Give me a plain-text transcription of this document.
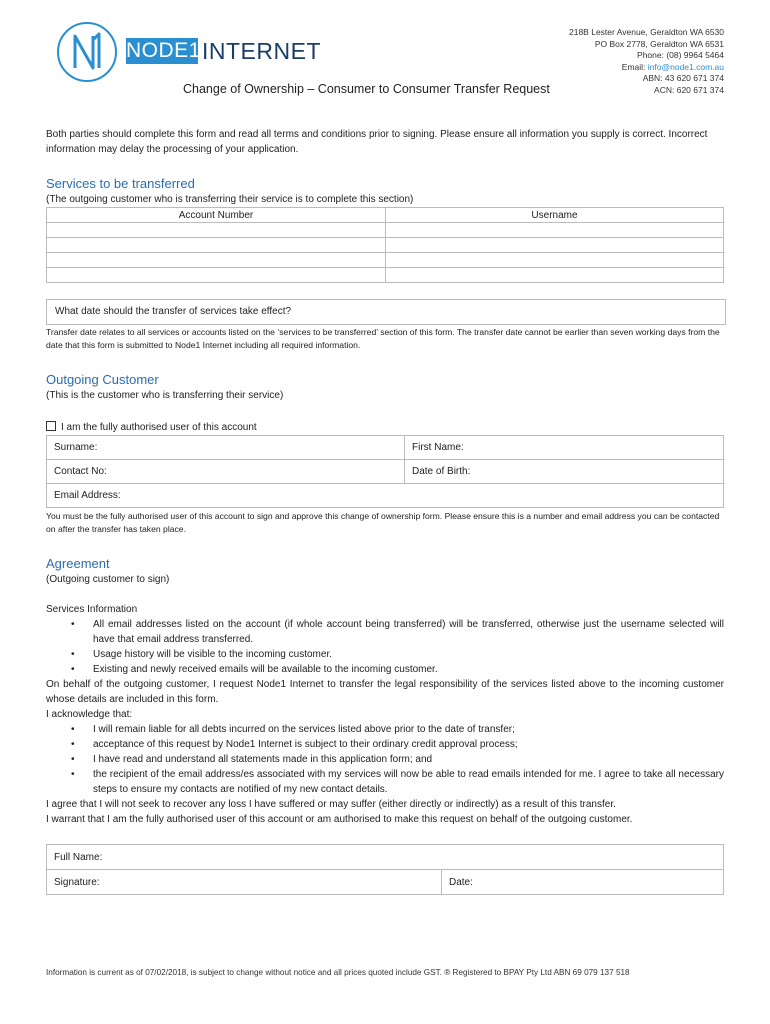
NODE1 INTERNET
218B Lester Avenue, Geraldton WA 6530
PO Box 2778, Geraldton WA 6531
Phone: (08) 9964 5464
Email: info@node1.com.au
ABN: 43 620 671 374
ACN: 620 671 374
Change of Ownership – Consumer to Consumer Transfer Request
Both parties should complete this form and read all terms and conditions prior to signing. Please ensure all information you supply is correct. Incorrect information may delay the processing of your application.
Services to be transferred
(The outgoing customer who is transferring their service is to complete this section)
Account Number	Username

What date should the transfer of services take effect?
Transfer date relates to all services or accounts listed on the ‘services to be transferred’ section of this form. The transfer date cannot be earlier than seven working days from the date that this form is submitted to Node1 Internet including all required information.
Outgoing Customer
(This is the customer who is transferring their service)
I am the fully authorised user of this account
Surname:	First Name:
Contact No:	Date of Birth:
Email Address:
You must be the fully authorised user of this account to sign and approve this change of ownership form. Please ensure this is a number and email address you can be contacted on after the transfer has taken place.
Agreement
(Outgoing customer to sign)

Services Information

• All email addresses listed on the account (if whole account being transferred) will be transferred, otherwise just the username selected will have that email address transferred.
• Usage history will be visible to the incoming customer.
• Existing and newly received emails will be available to the incoming customer.

On behalf of the outgoing customer, I request Node1 Internet to transfer the legal responsibility of the services listed above to the incoming customer whose details are included in this form.

I acknowledge that:

• I will remain liable for all debts incurred on the services listed above prior to the date of transfer;
• acceptance of this request by Node1 Internet is subject to their ordinary credit approval process;
• I have read and understand all statements made in this application form; and
• the recipient of the email address/es associated with my services will now be able to read emails intended for me. I agree to take all necessary steps to ensure my contacts are notified of my new contact details.

I agree that I will not seek to recover any loss I have suffered or may suffer (either directly or indirectly) as a result of this transfer.

I warrant that I am the fully authorised user of this account or am authorised to make this request on behalf of the outgoing customer.

Full Name:
Signature:	Date:
Information is current as of 07/02/2018, is subject to change without notice and all prices quoted include GST. ® Registered to BPAY Pty Ltd ABN 69 079 137 518
